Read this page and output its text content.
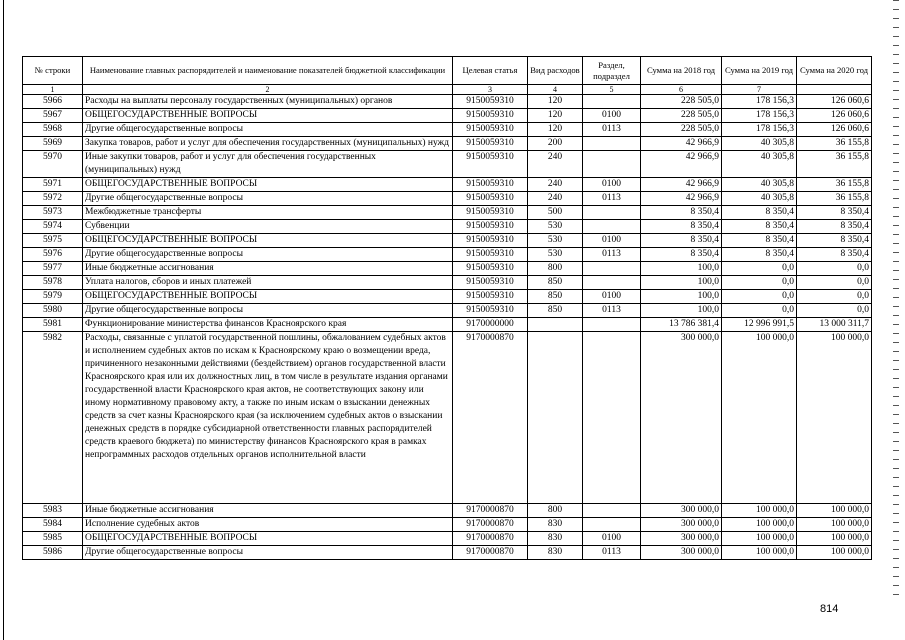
№ строки	Наименование главных распорядителей и наименование показателей бюджетной классификации	Целевая статья	Вид расходов	Раздел, подраздел	Сумма на 2018 год	Сумма на 2019 год	Сумма на 2020 год
1	2	3	4	5	6	7	
5966	Расходы на выплаты персоналу государственных (муниципальных) органов	9150059310	120		228 505,0	178 156,3	126 060,6
5967	ОБЩЕГОСУДАРСТВЕННЫЕ ВОПРОСЫ	9150059310	120	0100	228 505,0	178 156,3	126 060,6
5968	Другие общегосударственные вопросы	9150059310	120	0113	228 505,0	178 156,3	126 060,6
5969	Закупка товаров, работ и услуг для обеспечения государственных (муниципальных) нужд	9150059310	200		42 966,9	40 305,8	36 155,8
5970	Иные закупки товаров, работ и услуг для обеспечения государственных (муниципальных) нужд	9150059310	240		42 966,9	40 305,8	36 155,8
5971	ОБЩЕГОСУДАРСТВЕННЫЕ ВОПРОСЫ	9150059310	240	0100	42 966,9	40 305,8	36 155,8
5972	Другие общегосударственные вопросы	9150059310	240	0113	42 966,9	40 305,8	36 155,8
5973	Межбюджетные трансферты	9150059310	500		8 350,4	8 350,4	8 350,4
5974	Субвенции	9150059310	530		8 350,4	8 350,4	8 350,4
5975	ОБЩЕГОСУДАРСТВЕННЫЕ ВОПРОСЫ	9150059310	530	0100	8 350,4	8 350,4	8 350,4
5976	Другие общегосударственные вопросы	9150059310	530	0113	8 350,4	8 350,4	8 350,4
5977	Иные бюджетные ассигнования	9150059310	800		100,0	0,0	0,0
5978	Уплата налогов, сборов и иных платежей	9150059310	850		100,0	0,0	0,0
5979	ОБЩЕГОСУДАРСТВЕННЫЕ ВОПРОСЫ	9150059310	850	0100	100,0	0,0	0,0
5980	Другие общегосударственные вопросы	9150059310	850	0113	100,0	0,0	0,0
5981	Функционирование министерства финансов Красноярского края	9170000000			13 786 381,4	12 996 991,5	13 000 311,7
5982	Расходы, связанные с уплатой государственной пошлины, обжалованием судебных актов и исполнением судебных актов по искам к Красноярскому краю о возмещении вреда, причиненного незаконными действиями (бездействием) органов государственной власти Красноярского края или их должностных лиц, в том числе в результате издания органами государственной власти Красноярского края актов, не соответствующих закону или иному нормативному правовому акту, а также по иным искам о взыскании денежных средств за счет казны Красноярского края (за исключением судебных актов о взыскании денежных средств в порядке субсидиарной ответственности главных распорядителей средств краевого бюджета) по министерству финансов Красноярского края в рамках непрограммных расходов отдельных органов исполнительной власти	9170000870			300 000,0	100 000,0	100 000,0
5983	Иные бюджетные ассигнования	9170000870	800		300 000,0	100 000,0	100 000,0
5984	Исполнение судебных актов	9170000870	830		300 000,0	100 000,0	100 000,0
5985	ОБЩЕГОСУДАРСТВЕННЫЕ ВОПРОСЫ	9170000870	830	0100	300 000,0	100 000,0	100 000,0
5986	Другие общегосударственные вопросы	9170000870	830	0113	300 000,0	100 000,0	100 000,0
814
